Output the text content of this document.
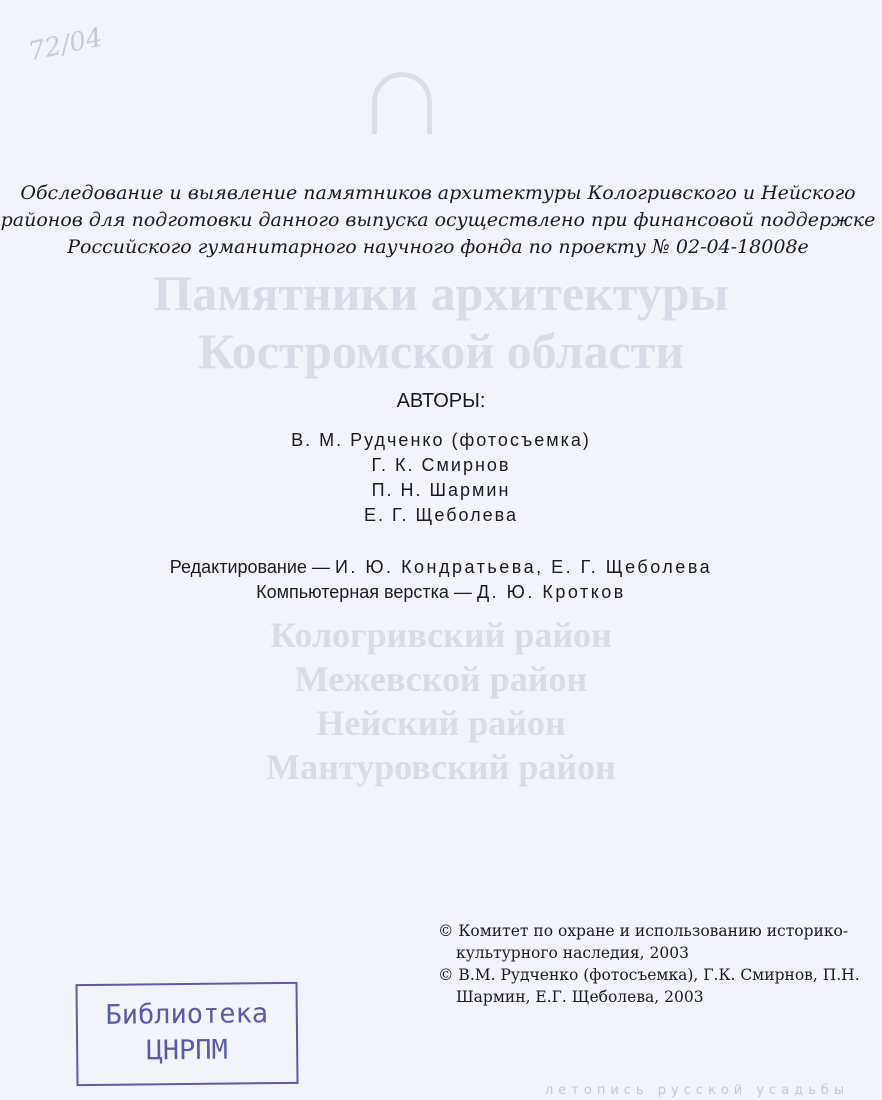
72/04
Памятники архитектуры
Костромской области
Кологривский район
Межевской район
Нейский район
Мантуровский район
Обследование и выявление памятников архитектуры Кологривского и Нейского
районов для подготовки данного выпуска осуществлено при финансовой поддержке
Российского гуманитарного научного фонда по проекту № 02-04-18008е
АВТОРЫ:
В. М. Рудченко (фотосъемка)
Г. К. Смирнов
П. Н. Шармин
Е. Г. Щеболева
Редактирование — И. Ю. Кондратьева, Е. Г. Щеболева
Компьютерная верстка — Д. Ю. Кротков

© Комитет по охране и использованию историко-культурного наследия, 2003

© В.М. Рудченко (фотосъемка), Г.К. Смирнов, П.Н. Шармин, Е.Г. Щеболева, 2003

Библиотека
ЦНРПМ
летопись русской усадьбы
